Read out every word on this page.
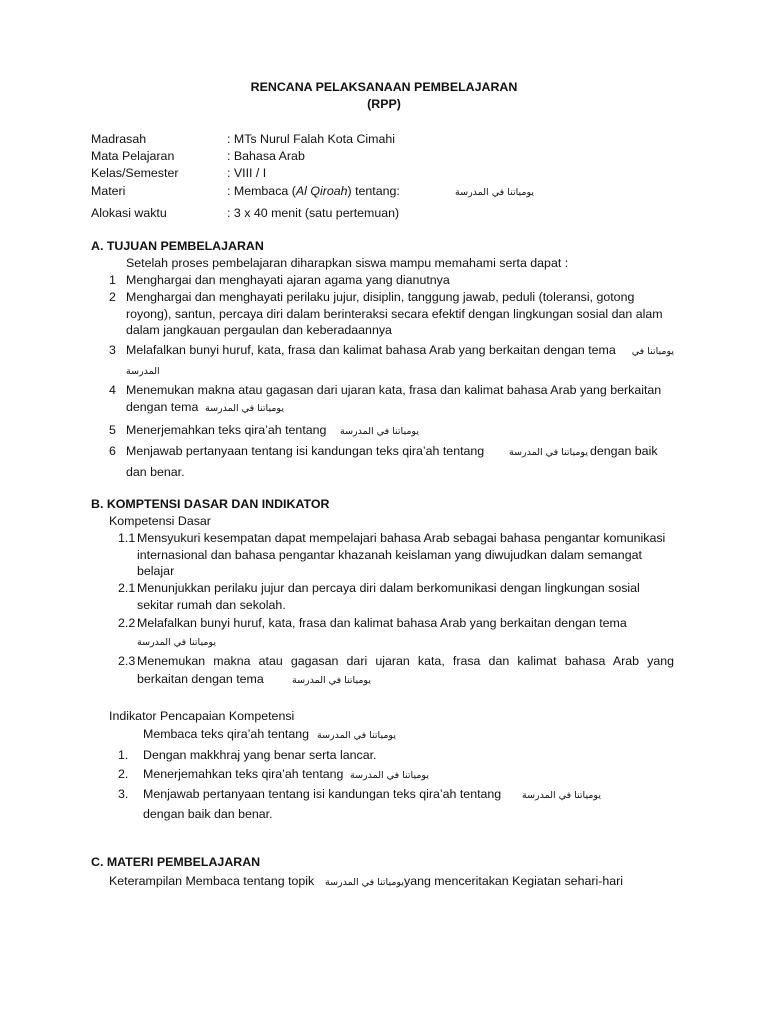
RENCANA PELAKSANAAN PEMBELAJARAN
(RPP)
Madrasah	: MTs Nurul Falah Kota Cimahi
Mata Pelajaran	: Bahasa Arab
Kelas/Semester	: VIII / I
Materi	: Membaca (Al Qiroah) tentang:	يومياتنا في المدرسة
Alokasi waktu	: 3 x 40 menit (satu pertemuan)
A. TUJUAN PEMBELAJARAN
Setelah proses pembelajaran diharapkan siswa mampu memahami serta dapat :
1 Menghargai dan menghayati ajaran agama yang dianutnya
2 Menghargai dan menghayati perilaku jujur, disiplin, tanggung jawab, peduli (toleransi, gotong
royong), santun, percaya diri dalam berinteraksi secara efektif dengan lingkungan sosial dan alam
dalam jangkauan pergaulan dan keberadaannya
3 Melafalkan bunyi huruf, kata, frasa dan kalimat bahasa Arab yang berkaitan dengan tema	يومياتنا في
المدرسة
4 Menemukan makna atau gagasan dari ujaran kata, frasa dan kalimat bahasa Arab yang berkaitan
dengan tema يومياتنا في المدرسة
5 Menerjemahkan teks qira’ah tentang يومياتنا في المدرسة
6 Menjawab pertanyaan tentang isi kandungan teks qira’ah tentang	يومياتنا في المدرسة dengan baik
dan benar.
B. KOMPTENSI DASAR DAN INDIKATOR
Kompetensi Dasar
1.1 Mensyukuri kesempatan dapat mempelajari bahasa Arab sebagai bahasa pengantar komunikasi
internasional dan bahasa pengantar khazanah keislaman yang diwujudkan dalam semangat
belajar
2.1 Menunjukkan perilaku jujur dan percaya diri dalam berkomunikasi dengan lingkungan sosial
sekitar rumah dan sekolah.
2.2 Melafalkan bunyi huruf, kata, frasa dan kalimat bahasa Arab yang berkaitan dengan tema
يومياتنا في المدرسة
2.3 Menemukan makna atau gagasan dari ujaran kata, frasa dan kalimat bahasa Arab yang
berkaitan dengan tema	يومياتنا في المدرسة
Indikator Pencapaian Kompetensi
Membaca teks qira’ah tentang يومياتنا في المدرسة
1. Dengan makkhraj yang benar serta lancar.
2. Menerjemahkan teks qira’ah tentang يومياتنا في المدرسة
3. Menjawab pertanyaan tentang isi kandungan teks qira’ah tentang يومياتنا في المدرسة
dengan baik dan benar.
C. MATERI PEMBELAJARAN
Keterampilan Membaca tentang topik يومياتنا في المدرسة yang menceritakan Kegiatan sehari-hari
